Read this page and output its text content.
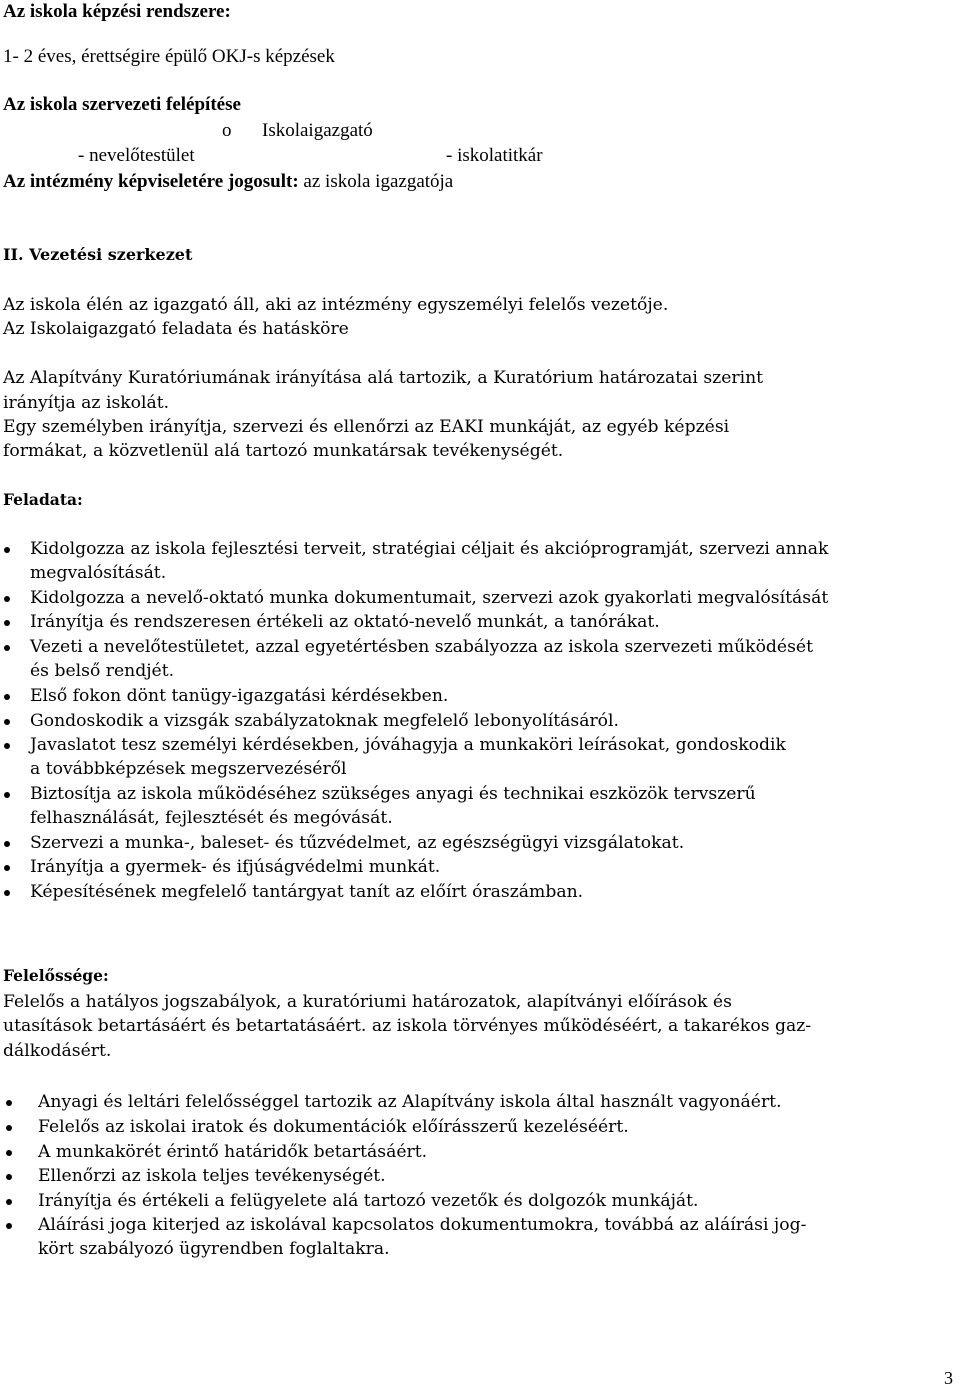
Az iskola képzési rendszere:
1- 2 éves, érettségire épülő OKJ-s képzések
Az iskola szervezeti felépítése
o Iskolaigazgató
- nevelőtestület	- iskolatitkár
Az intézmény képviseletére jogosult: az iskola igazgatója
II. Vezetési szerkezet
Az iskola élén az igazgató áll, aki az intézmény egyszemélyi felelős vezetője.
Az Iskolaigazgató feladata és hatásköre
Az Alapítvány Kuratóriumának irányítása alá tartozik, a Kuratórium határozatai szerint
irányítja az iskolát.
Egy személyben irányítja, szervezi és ellenőrzi az EAKI munkáját, az egyéb képzési
formákat, a közvetlenül alá tartozó munkatársak tevékenységét.
Feladata:
Kidolgozza az iskola fejlesztési terveit, stratégiai céljait és akcióprogramját, szervezi annak
megvalósítását.
Kidolgozza a nevelő-oktató munka dokumentumait, szervezi azok gyakorlati megvalósítását
Irányítja és rendszeresen értékeli az oktató-nevelő munkát, a tanórákat.
Vezeti a nevelőtestületet, azzal egyetértésben szabályozza az iskola szervezeti működését
és belső rendjét.
Első fokon dönt tanügy-igazgatási kérdésekben.
Gondoskodik a vizsgák szabályzatoknak megfelelő lebonyolításáról.
Javaslatot tesz személyi kérdésekben, jóváhagyja a munkaköri leírásokat, gondoskodik
a továbbképzések megszervezéséről
Biztosítja az iskola működéséhez szükséges anyagi és technikai eszközök tervszerű
felhasználását, fejlesztését és megóvását.
Szervezi a munka-, baleset- és tűzvédelmet, az egészségügyi vizsgálatokat.
Irányítja a gyermek- és ifjúságvédelmi munkát.
Képesítésének megfelelő tantárgyat tanít az előírt óraszámban.
Felelőssége:
Felelős a hatályos jogszabályok, a kuratóriumi határozatok, alapítványi előírások és
utasítások betartásáért és betartatásáért. az iskola törvényes működéséért, a takarékos gaz-
dálkodásért.
Anyagi és leltári felelősséggel tartozik az Alapítvány iskola által használt vagyonáért.
Felelős az iskolai iratok és dokumentációk előírásszerű kezeléséért.
A munkakörét érintő határidők betartásáért.
Ellenőrzi az iskola teljes tevékenységét.
Irányítja és értékeli a felügyelete alá tartozó vezetők és dolgozók munkáját.
Aláírási joga kiterjed az iskolával kapcsolatos dokumentumokra, továbbá az aláírási jog-
kört szabályozó ügyrendben foglaltakra.
3
